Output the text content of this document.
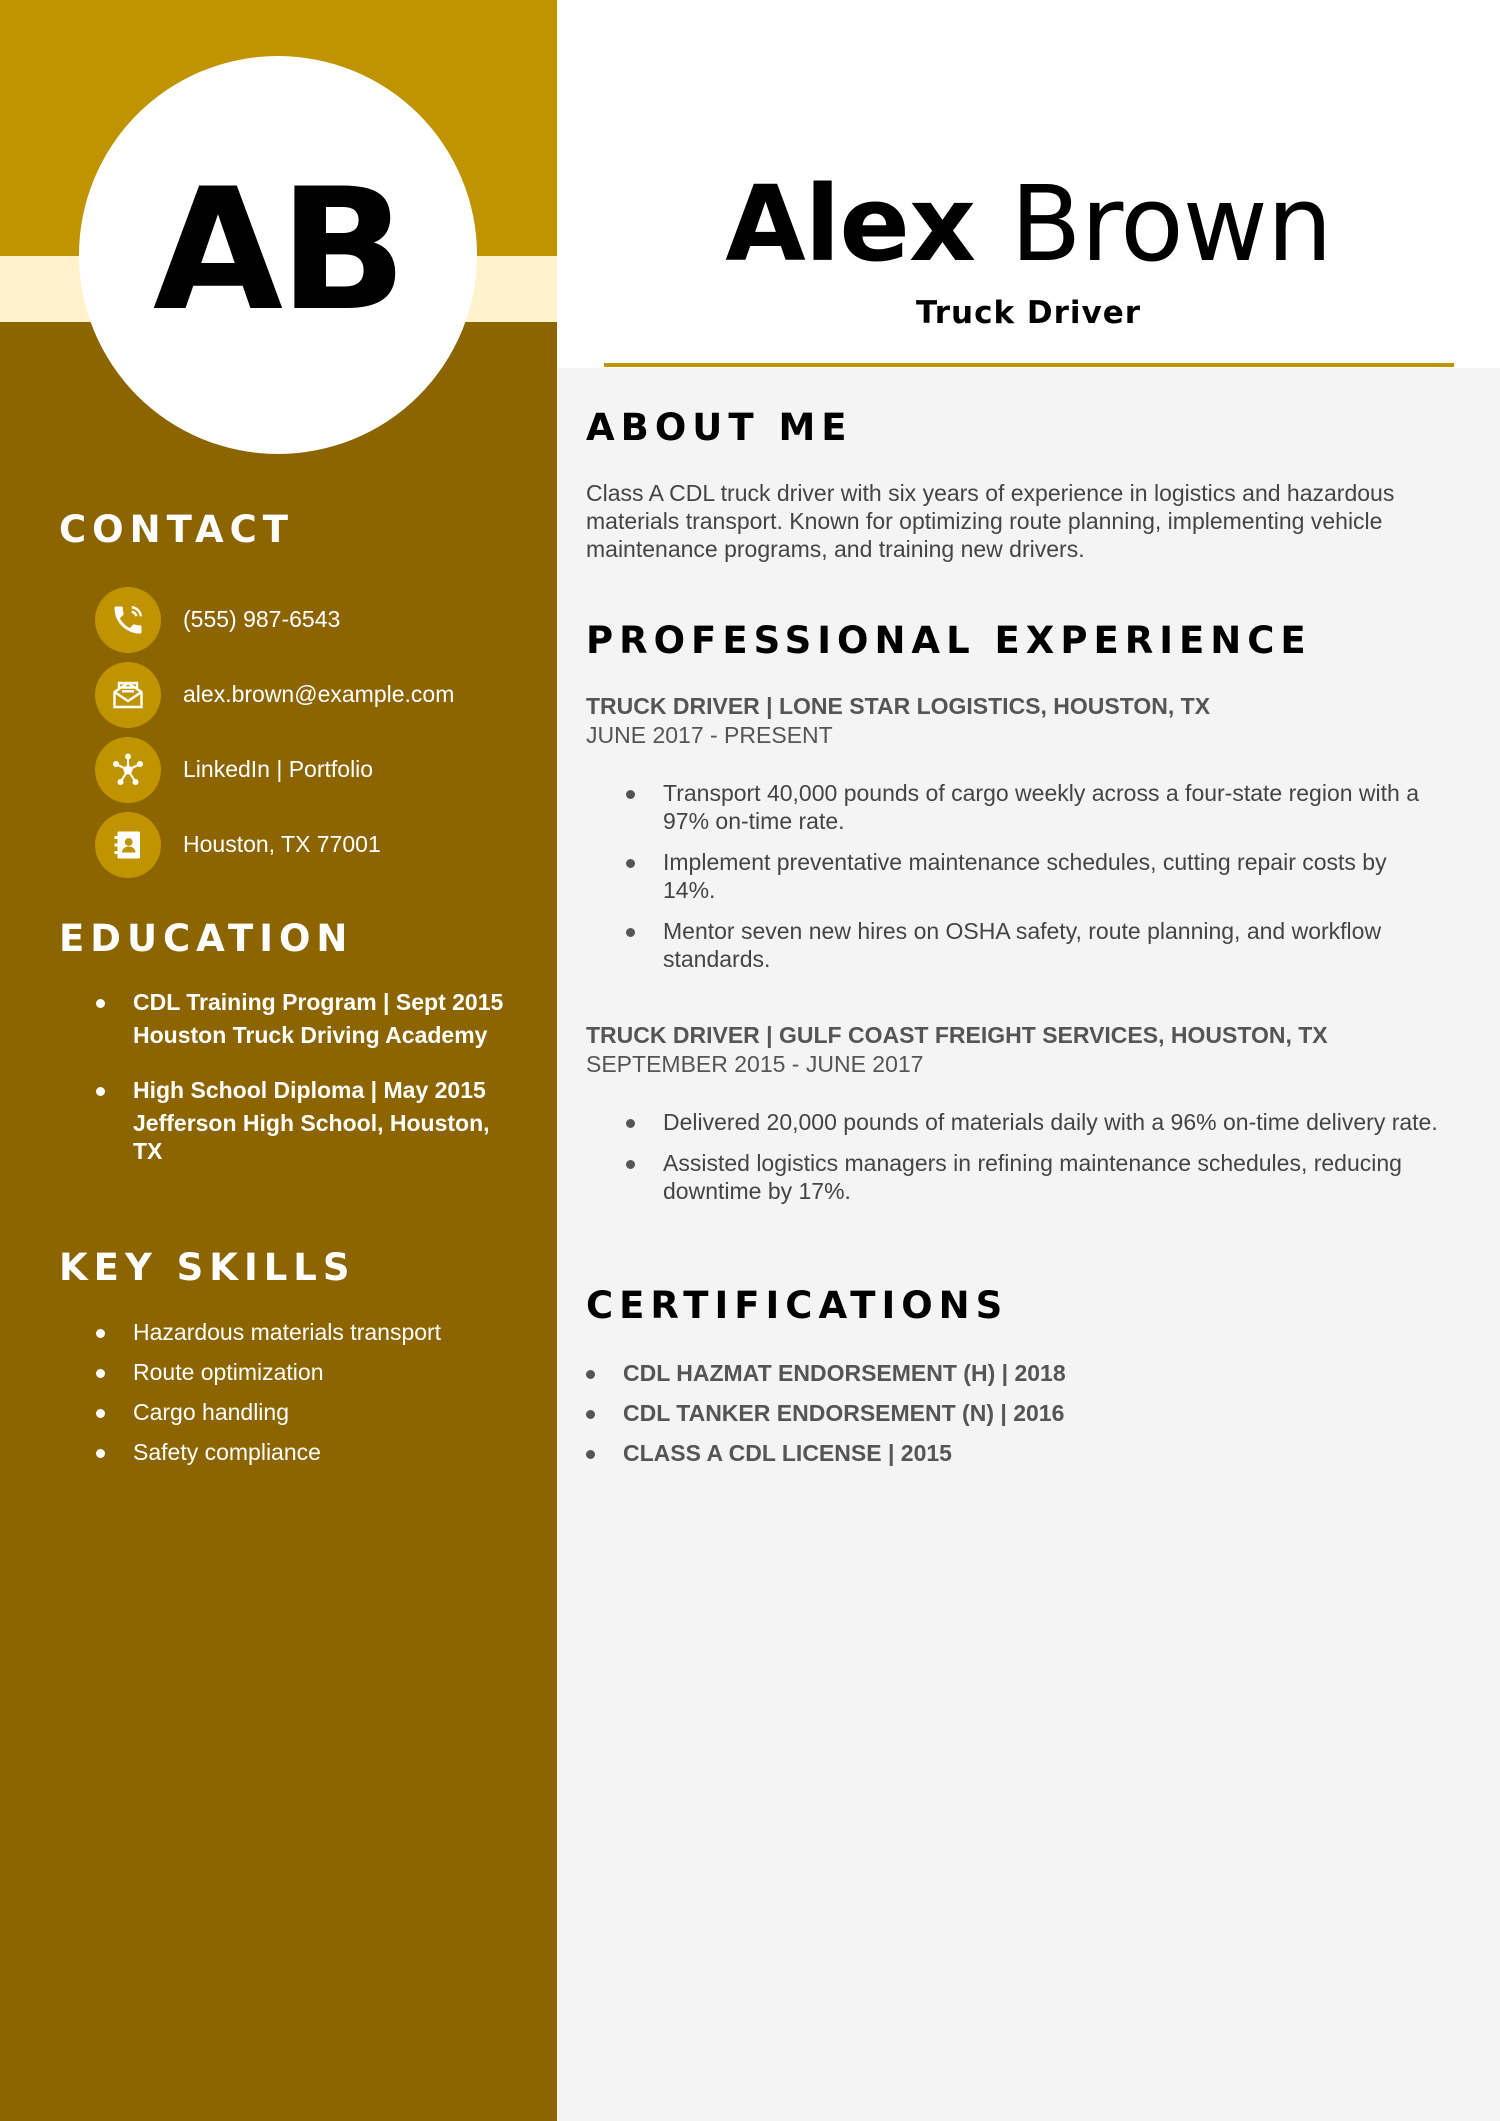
AB
CONTACT
(555) 987-6543
alex.brown@example.com
LinkedIn | Portfolio
Houston, TX 77001
EDUCATION
CDL Training Program | Sept 2015
Houston Truck Driving Academy
High School Diploma | May 2015
Jefferson High School, Houston, TX
KEY SKILLS
Hazardous materials transport
Route optimization
Cargo handling
Safety compliance
Alex Brown
Truck Driver
ABOUT ME

Class A CDL truck driver with six years of experience in logistics and hazardous materials transport. Known for optimizing route planning, implementing vehicle maintenance programs, and training new drivers.

PROFESSIONAL EXPERIENCE
TRUCK DRIVER | LONE STAR LOGISTICS, HOUSTON, TX
JUNE 2017 - PRESENT
Transport 40,000 pounds of cargo weekly across a four-state region with a 97% on-time rate.
Implement preventative maintenance schedules, cutting repair costs by 14%.
Mentor seven new hires on OSHA safety, route planning, and workflow standards.
TRUCK DRIVER | GULF COAST FREIGHT SERVICES, HOUSTON, TX
SEPTEMBER 2015 - JUNE 2017
Delivered 20,000 pounds of materials daily with a 96% on-time delivery rate.
Assisted logistics managers in refining maintenance schedules, reducing downtime by 17%.
CERTIFICATIONS
CDL HAZMAT ENDORSEMENT (H) | 2018
CDL TANKER ENDORSEMENT (N) | 2016
CLASS A CDL LICENSE | 2015
